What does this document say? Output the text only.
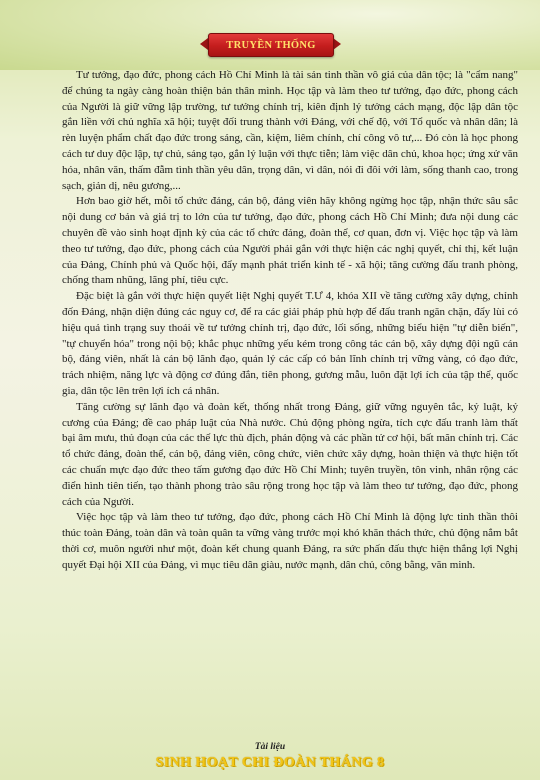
TRUYỀN THỐNG

Tư tưởng, đạo đức, phong cách Hồ Chí Minh là tài sản tinh thần vô giá của dân tộc; là "cẩm nang" để chúng ta ngày càng hoàn thiện bản thân mình. Học tập và làm theo tư tưởng, đạo đức, phong cách của Người là giữ vững lập trường, tư tưởng chính trị, kiên định lý tưởng cách mạng, độc lập dân tộc gắn liền với chủ nghĩa xã hội; tuyệt đối trung thành với Đảng, với chế độ, với Tổ quốc và nhân dân; là rèn luyện phẩm chất đạo đức trong sáng, cần, kiệm, liêm chính, chí công vô tư,... Đó còn là học phong cách tư duy độc lập, tự chủ, sáng tạo, gắn lý luận với thực tiễn; làm việc dân chủ, khoa học; ứng xử văn hóa, nhân văn, thấm đẫm tình thần yêu dân, trọng dân, vì dân, nói đi đôi với làm, sống thanh cao, trong sạch, giản dị, nêu gương,...

Hơn bao giờ hết, mỗi tổ chức đảng, cán bộ, đảng viên hãy không ngừng học tập, nhận thức sâu sắc nội dung cơ bản và giá trị to lớn của tư tưởng, đạo đức, phong cách Hồ Chí Minh; đưa nội dung các chuyên đề vào sinh hoạt định kỳ của các tổ chức đảng, đoàn thể, cơ quan, đơn vị. Việc học tập và làm theo tư tưởng, đạo đức, phong cách của Người phải gắn với thực hiện các nghị quyết, chỉ thị, kết luận của Đảng, Chính phủ và Quốc hội, đẩy mạnh phát triển kinh tế - xã hội; tăng cường đấu tranh phòng, chống tham nhũng, lãng phí, tiêu cực.

Đặc biệt là gắn với thực hiện quyết liệt Nghị quyết T.Ư 4, khóa XII về tăng cường xây dựng, chỉnh đốn Đảng, nhận diện đúng các nguy cơ, để ra các giải pháp phù hợp để đấu tranh ngăn chặn, đẩy lùi có hiệu quả tình trạng suy thoái về tư tưởng chính trị, đạo đức, lối sống, những biểu hiện "tự diễn biến", "tự chuyển hóa" trong nội bộ; khắc phục những yếu kém trong công tác cán bộ, xây dựng đội ngũ cán bộ, đảng viên, nhất là cán bộ lãnh đạo, quản lý các cấp có bản lĩnh chính trị vững vàng, có đạo đức, trách nhiệm, năng lực và động cơ đúng đắn, tiên phong, gương mẫu, luôn đặt lợi ích của tập thể, quốc gia, dân tộc lên trên lợi ích cá nhân.

Tăng cường sự lãnh đạo và đoàn kết, thống nhất trong Đảng, giữ vững nguyên tắc, kỷ luật, kỷ cương của Đảng; đề cao pháp luật của Nhà nước. Chủ động phòng ngừa, tích cực đấu tranh làm thất bại âm mưu, thủ đoạn của các thế lực thù địch, phản động và các phần tử cơ hội, bất mãn chính trị. Các tổ chức đảng, đoàn thể, cán bộ, đảng viên, công chức, viên chức xây dựng, hoàn thiện và thực hiện tốt các chuẩn mực đạo đức theo tấm gương đạo đức Hồ Chí Minh; tuyên truyền, tôn vinh, nhân rộng các điển hình tiên tiến, tạo thành phong trào sâu rộng trong học tập và làm theo tư tưởng, đạo đức, phong cách của Người.

Việc học tập và làm theo tư tưởng, đạo đức, phong cách Hồ Chí Minh là động lực tinh thần thôi thúc toàn Đảng, toàn dân và toàn quân ta vững vàng trước mọi khó khăn thách thức, chủ động nắm bắt thời cơ, muôn người như một, đoàn kết chung quanh Đảng, ra sức phấn đấu thực hiện thắng lợi Nghị quyết Đại hội XII của Đảng, vì mục tiêu dân giàu, nước mạnh, dân chủ, công bằng, văn minh.

Tài liệu
SINH HOẠT CHI ĐOÀN THÁNG 8
